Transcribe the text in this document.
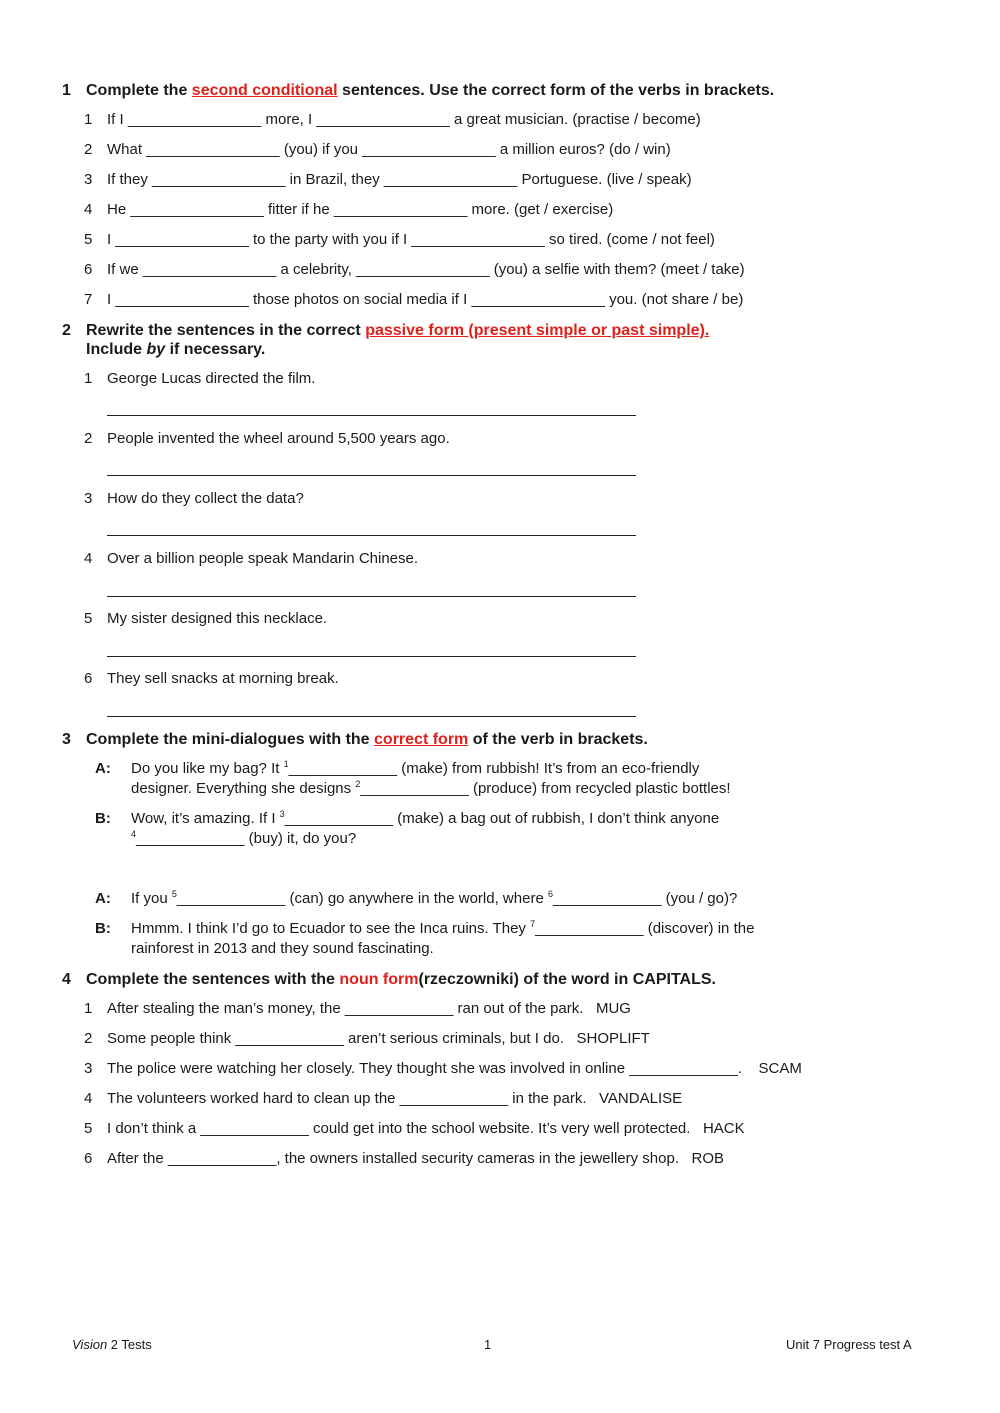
1 Complete the second conditional sentences. Use the correct form of the verbs in brackets.
1 If I ________________ more, I ________________ a great musician. (practise / become)
2 What ________________ (you) if you ________________ a million euros? (do / win)
3 If they ________________ in Brazil, they ________________ Portuguese. (live / speak)
4 He ________________ fitter if he ________________ more. (get / exercise)
5 I ________________ to the party with you if I ________________ so tired. (come / not feel)
6 If we ________________ a celebrity, ________________ (you) a selfie with them? (meet / take)
7 I ________________ those photos on social media if I ________________ you. (not share / be)
2 Rewrite the sentences in the correct passive form (present simple or past simple).
Include by if necessary.
1 George Lucas directed the film.
2 People invented the wheel around 5,500 years ago.
3 How do they collect the data?
4 Over a billion people speak Mandarin Chinese.
5 My sister designed this necklace.
6 They sell snacks at morning break.
3 Complete the mini-dialogues with the correct form of the verb in brackets.
A: Do you like my bag? It $^1$_____________ (make) from rubbish! It’s from an eco-friendly
designer. Everything she designs $^2$_____________ (produce) from recycled plastic bottles!
B: Wow, it’s amazing. If I $^3$_____________ (make) a bag out of rubbish, I don’t think anyone
$^4$_____________ (buy) it, do you?
A: If you $^5$_____________ (can) go anywhere in the world, where $^6$_____________ (you / go)?
B: Hmmm. I think I’d go to Ecuador to see the Inca ruins. They $^7$_____________ (discover) in the
rainforest in 2013 and they sound fascinating.
4 Complete the sentences with the noun form(rzeczowniki) of the word in CAPITALS.
1 After stealing the man’s money, the _____________ ran out of the park. MUG
2 Some people think _____________ aren’t serious criminals, but I do. SHOPLIFT
3 The police were watching her closely. They thought she was involved in online _____________. SCAM
4 The volunteers worked hard to clean up the _____________ in the park. VANDALISE
5 I don’t think a _____________ could get into the school website. It’s very well protected. HACK
6 After the _____________, the owners installed security cameras in the jewellery shop. ROB
Vision 2 Tests	1	Unit 7 Progress test A
